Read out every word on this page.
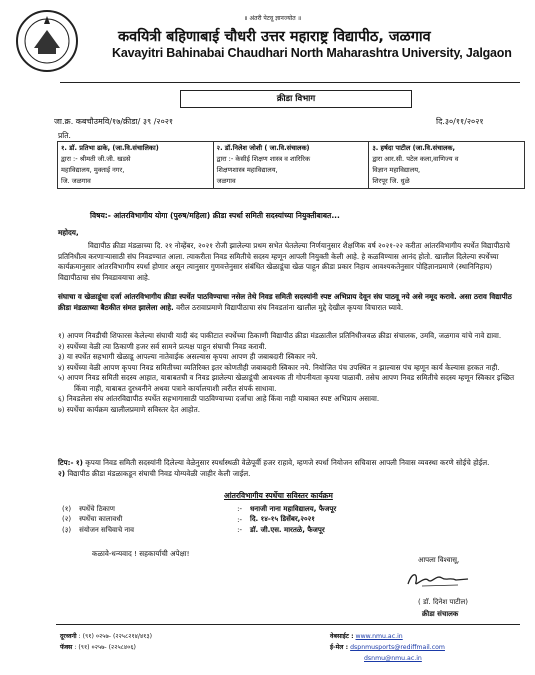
॥ अंतरी पेटवू ज्ञानज्योत ॥
कवयित्री बहिणाबाई चौधरी उत्तर महाराष्ट्र विद्यापीठ, जळगाव
Kavayitri Bahinabai Chaudhari North Maharashtra University, Jalgaon
क्रीडा विभाग
जा.क्र. कबचौउमवि/१७/क्रीडा/ ३९ /२०२१	दि.३०/११/२०२१
प्रति.
१. डॉ. प्रतिभा ढाके, (जा.वि.संचालिका)
द्वारा :- श्रीमती जी.जी. खडसे
महाविद्यालय, मुक्ताई नगर,
जि. जळगाव

२. डॉ.निलेश जोशी ( जा.वि.संचालक)
द्वारा :- केसीई शिक्षण शास्त्र व शारिरिक
शिक्षणशास्त्र महाविद्यालय,
जळगाव

३. हर्षदा पाटील (जा.वि.संचालक,
द्वारा आर.सी. पटेल कला,वाणिज्य व
विज्ञान महाविद्यालय,
शिरपूर जि. धुळे
विषय:- आंतरविभागीय योगा (पुरुष/महिला) क्रीडा स्पर्धा समिती सदस्यांच्या नियुक्तीबाबत...
महोदय,
विद्यापीठ क्रीडा मंडळाच्या दि. २१ नोव्हेंबर, २०२१ रोजी झालेल्या प्रथम सभेत घेतलेल्या निर्णयानुसार शैक्षणिक वर्ष २०२१-२२ करीता आंतरविभागीय स्पर्धेत विद्यापीठाचे प्रतिनिधीत्व करणाऱ्यासाठी संघ निवडण्यात आला. त्याकरीता निवड समितीचे सदस्य म्हणून आपली नियुक्ती केली आहे. हे कळविण्यास आनंद होतो. खालील दिलेल्या स्पर्धेच्या कार्यक्रमानुसार आंतरविभागीय स्पर्धा होणार असून त्यानुसार गुणवत्तेनुसार संबंधित खेळाडूंचा खेळ पाहून क्रीडा प्रकार निहाय आवश्यकतेनुसार पोहिज्ञानप्रमाणे (स्थानिनिहाय) विद्यापीठाचा संघ निवडावयाचा आहे.
संघाचा व खेळाडूंचा दर्जा आंतरविभागीय क्रीडा स्पर्धेत पाठविण्याचा नसेल तेथे निवड समिती सदस्यांनी स्पष्ट अभिप्राय देवून संघ पाठवू नये असे नमूद करावे. असा ठराव विद्यापीठ क्रीडा मंडळाच्या बैठकीत संमत झालेला आहे. वरील ठरावाप्रमाणे विद्यापीठाचा संघ निवडतांना खालील मुद्दे देखील कृपया विचारात घ्यावे.
१) आपण निवडीची शिफारस केलेल्या संघाची यादी बंद पाकीटात स्पर्धेच्या ठिकाणी विद्यापीठ क्रीडा मंडळातील प्रतिनिधीजवळ क्रीडा संचालक, उमवि, जळगाव यांचे नावे द्यावा.
२) स्पर्धेच्या वेळी त्या ठिकाणी हजर सर्व सामने प्रत्यक्ष पाहून संघाची निवड करावी.
३) या स्पर्धेत सहभागी खेळाडू आपल्या नातेवाईक असल्यास कृपया आपण ही जबाबदारी स्विकार नये.
४) स्पर्धेच्या वेळी आपण कृपया निवड समितीच्या व्यतिरिक्त इतर कोणतीही जबाबदारी स्विकार नये. नियोजित पंच उपस्थित न झाल्यास पंच म्हणून कार्य केल्यास हरकत नाही.
५) आपण निवड समिती सदस्य आहात, याबाबतची व निवड झालेल्या खेळाडूंची आवश्यक ती गोपनीयता कृपया पाळावी. तसेच आपण निवड समितीचे सदस्य म्हणून स्विकार इच्छित किंवा नाही, याबाबत दुरध्वनीने अथवा पत्राने कार्यालयाशी त्वरीत संपर्क साधावा.
६) निवडलेला संघ आंतरविद्यापीठ स्पर्धेत सहभागासाठी पाठविण्याच्या दर्जाचा आहे किंवा नाही याबाबत स्पष्ट अभिप्राय असावा.
७) स्पर्धेचा कार्यक्रम खालीलप्रमाणे सविस्तर देत आहोत.
टिप:- १) कृपया निवड समिती सदस्यांनी दिलेल्या वेळेनुसार स्पर्धास्थळी वेळेपूर्वी हजर राहावे, म्हणजे स्पर्धा नियोजन सचिवास आपली निवास व्यवस्था करणे सोईचे होईल.
२) विद्यापीठ क्रीडा मंडळाकडून संघाची निवड योग्यवेळी जाहीर केली जाईल.
आंतरविभागीय स्पर्धेचा सविस्तर कार्यक्रम
(१)	स्पर्धेचे ठिकाण	:-	धनाजी नाना महाविद्यालय, फैजपूर
(२)	स्पर्धेचा कालावधी	:-	दि. १४-१५ डिसेंबर,२०२१
(३)	संयोजन सचिवाचे नाव	:-	डॉ. जी.एस. मारतळे, फैजपूर
कळावे-धन्यवाद ! सहकार्याची अपेक्षा!
आपला विश्वासू,
( डॉ. दिनेश पाटील)
क्रीडा संचालक
दूरध्वनी : (९१) ०२५७- (२२५८२१४/४१३)
फॅक्स : (९१) ०२५७- (२२५८४०६)
वेबसाईट : www.nmu.ac.in
ई-मेल : dspnmusports@rediffmail.com
dsnmu@nmu.ac.in
